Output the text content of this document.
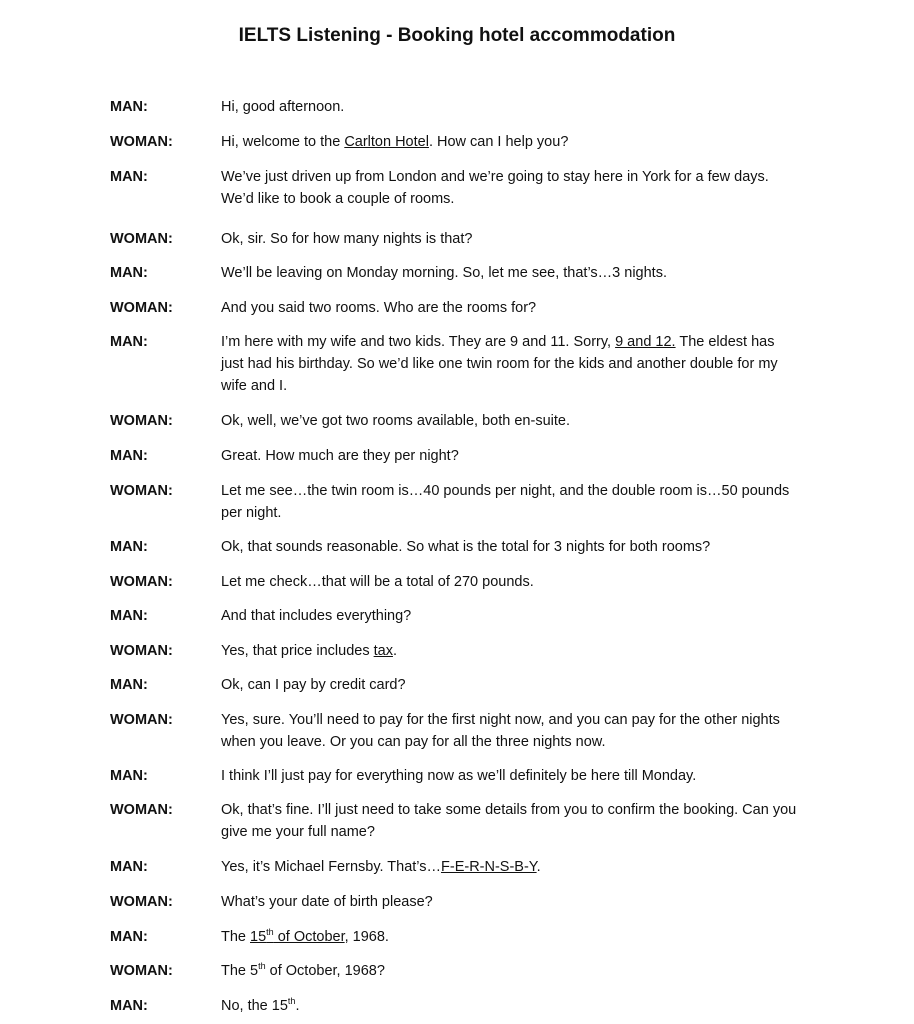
IELTS Listening - Booking hotel accommodation
MAN:	Hi, good afternoon.
WOMAN:	Hi, welcome to the Carlton Hotel. How can I help you?
MAN:	We’ve just driven up from London and we’re going to stay here in York for a few days. We’d like to book a couple of rooms.
WOMAN:	Ok, sir. So for how many nights is that?
MAN:	We’ll be leaving on Monday morning. So, let me see, that’s…3 nights.
WOMAN:	And you said two rooms. Who are the rooms for?
MAN:	I’m here with my wife and two kids. They are 9 and 11. Sorry, 9 and 12. The eldest has just had his birthday. So we’d like one twin room for the kids and another double for my wife and I.
WOMAN:	Ok, well, we’ve got two rooms available, both en-suite.
MAN:	Great. How much are they per night?
WOMAN:	Let me see…the twin room is…40 pounds per night, and the double room is…50 pounds per night.
MAN:	Ok, that sounds reasonable. So what is the total for 3 nights for both rooms?
WOMAN:	Let me check…that will be a total of 270 pounds.
MAN:	And that includes everything?
WOMAN:	Yes, that price includes tax.
MAN:	Ok, can I pay by credit card?
WOMAN:	Yes, sure. You’ll need to pay for the first night now, and you can pay for the other nights when you leave. Or you can pay for all the three nights now.
MAN:	I think I’ll just pay for everything now as we’ll definitely be here till Monday.
WOMAN:	Ok, that’s fine. I’ll just need to take some details from you to confirm the booking. Can you give me your full name?
MAN:	Yes, it’s Michael Fernsby. That’s…F-E-R-N-S-B-Y.
WOMAN:	What’s your date of birth please?
MAN:	The 15th of October, 1968.
WOMAN:	The 5th of October, 1968?
MAN:	No, the 15th.
